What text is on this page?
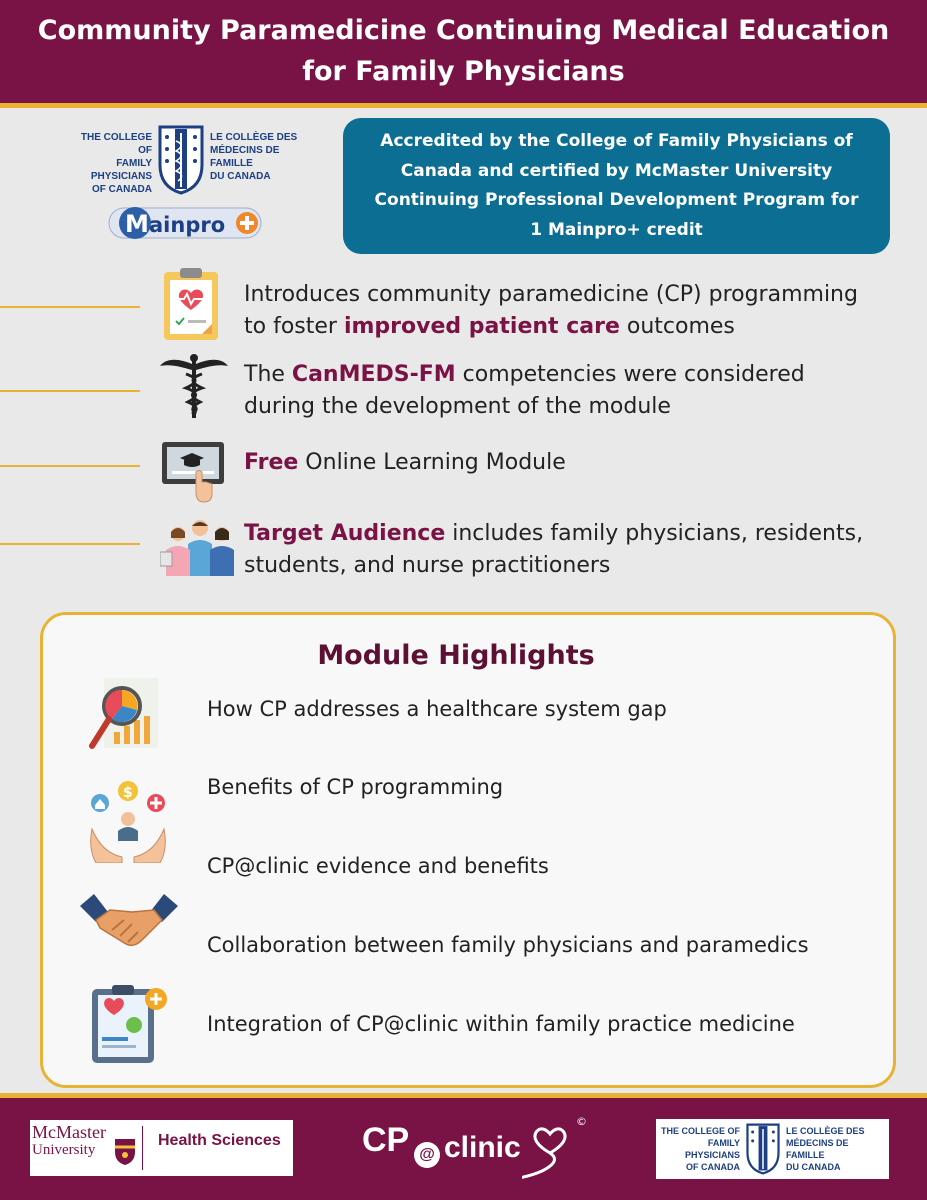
Community Paramedicine Continuing Medical Education
for Family Physicians
THE COLLEGE OF
FAMILY PHYSICIANS
OF CANADA
LE COLLÈGE DES
MÉDECINS DE FAMILLE
DU CANADA
M ainpro
Accredited by the College of Family Physicians of
Canada and certified by McMaster University
Continuing Professional Development Program for
1 Mainpro+ credit
Introduces community paramedicine (CP) programming
to foster improved patient care outcomes
The CanMEDS-FM competencies were considered
during the development of the module
Free Online Learning Module
Target Audience includes family physicians, residents,
students, and nurse practitioners
Module Highlights
How CP addresses a healthcare system gap
$	Benefits of CP programming
CP@clinic evidence and benefits
Collaboration between family physicians and paramedics
Integration of CP@clinic within family practice medicine
McMaster
University
Health Sciences CP @ clinic
©
THE COLLEGE OF
FAMILY PHYSICIANS
OF CANADA
LE COLLÈGE DES
MÉDECINS DE FAMILLE
DU CANADA
